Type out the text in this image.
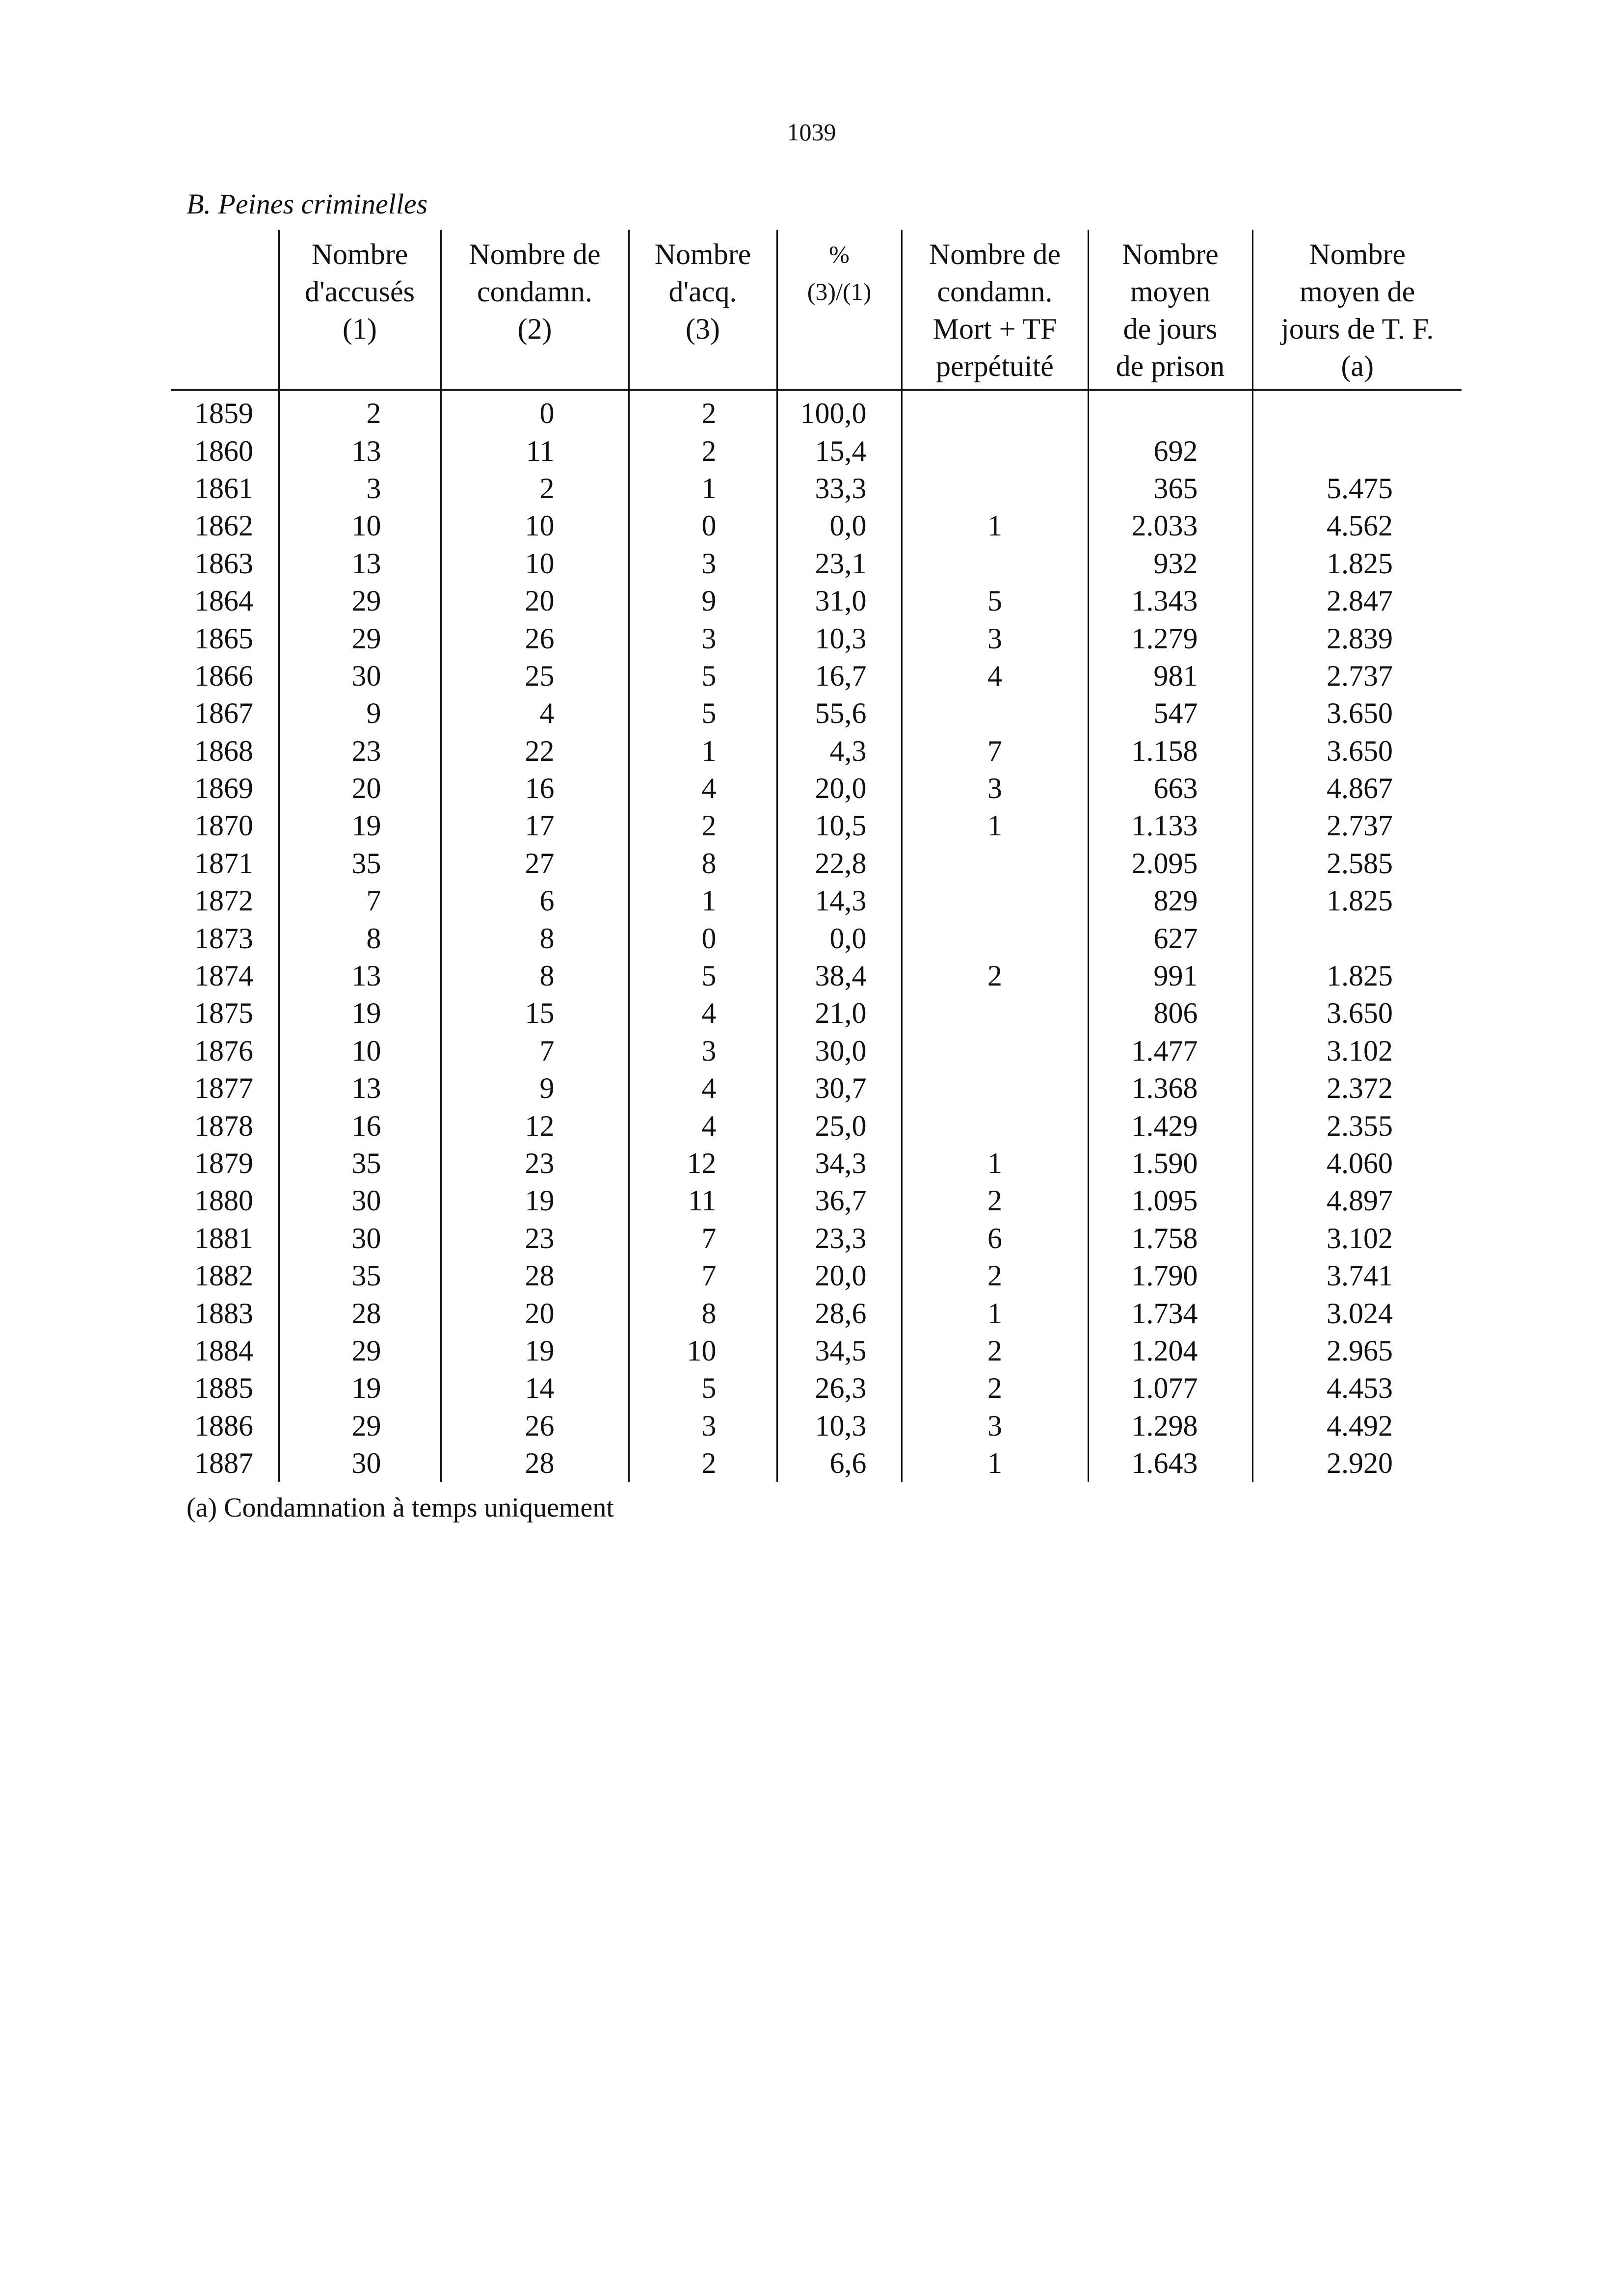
1039
B. Peines criminelles
	Nombre
d'accusés
(1)	Nombre de
condamn.
(2)	Nombre
d'acq.
(3)	%
(3)/(1)	Nombre de
condamn.
Mort + TF
perpétuité	Nombre
moyen
de jours
de prison	Nombre
moyen de
jours de T. F.
(a)
1859	2	0	2	100,0			
1860	13	11	2	15,4		692	
1861	3	2	1	33,3		365	5.475
1862	10	10	0	0,0	1	2.033	4.562
1863	13	10	3	23,1		932	1.825
1864	29	20	9	31,0	5	1.343	2.847
1865	29	26	3	10,3	3	1.279	2.839
1866	30	25	5	16,7	4	981	2.737
1867	9	4	5	55,6		547	3.650
1868	23	22	1	4,3	7	1.158	3.650
1869	20	16	4	20,0	3	663	4.867
1870	19	17	2	10,5	1	1.133	2.737
1871	35	27	8	22,8		2.095	2.585
1872	7	6	1	14,3		829	1.825
1873	8	8	0	0,0		627	
1874	13	8	5	38,4	2	991	1.825
1875	19	15	4	21,0		806	3.650
1876	10	7	3	30,0		1.477	3.102
1877	13	9	4	30,7		1.368	2.372
1878	16	12	4	25,0		1.429	2.355
1879	35	23	12	34,3	1	1.590	4.060
1880	30	19	11	36,7	2	1.095	4.897
1881	30	23	7	23,3	6	1.758	3.102
1882	35	28	7	20,0	2	1.790	3.741
1883	28	20	8	28,6	1	1.734	3.024
1884	29	19	10	34,5	2	1.204	2.965
1885	19	14	5	26,3	2	1.077	4.453
1886	29	26	3	10,3	3	1.298	4.492
1887	30	28	2	6,6	1	1.643	2.920
(a) Condamnation à temps uniquement
